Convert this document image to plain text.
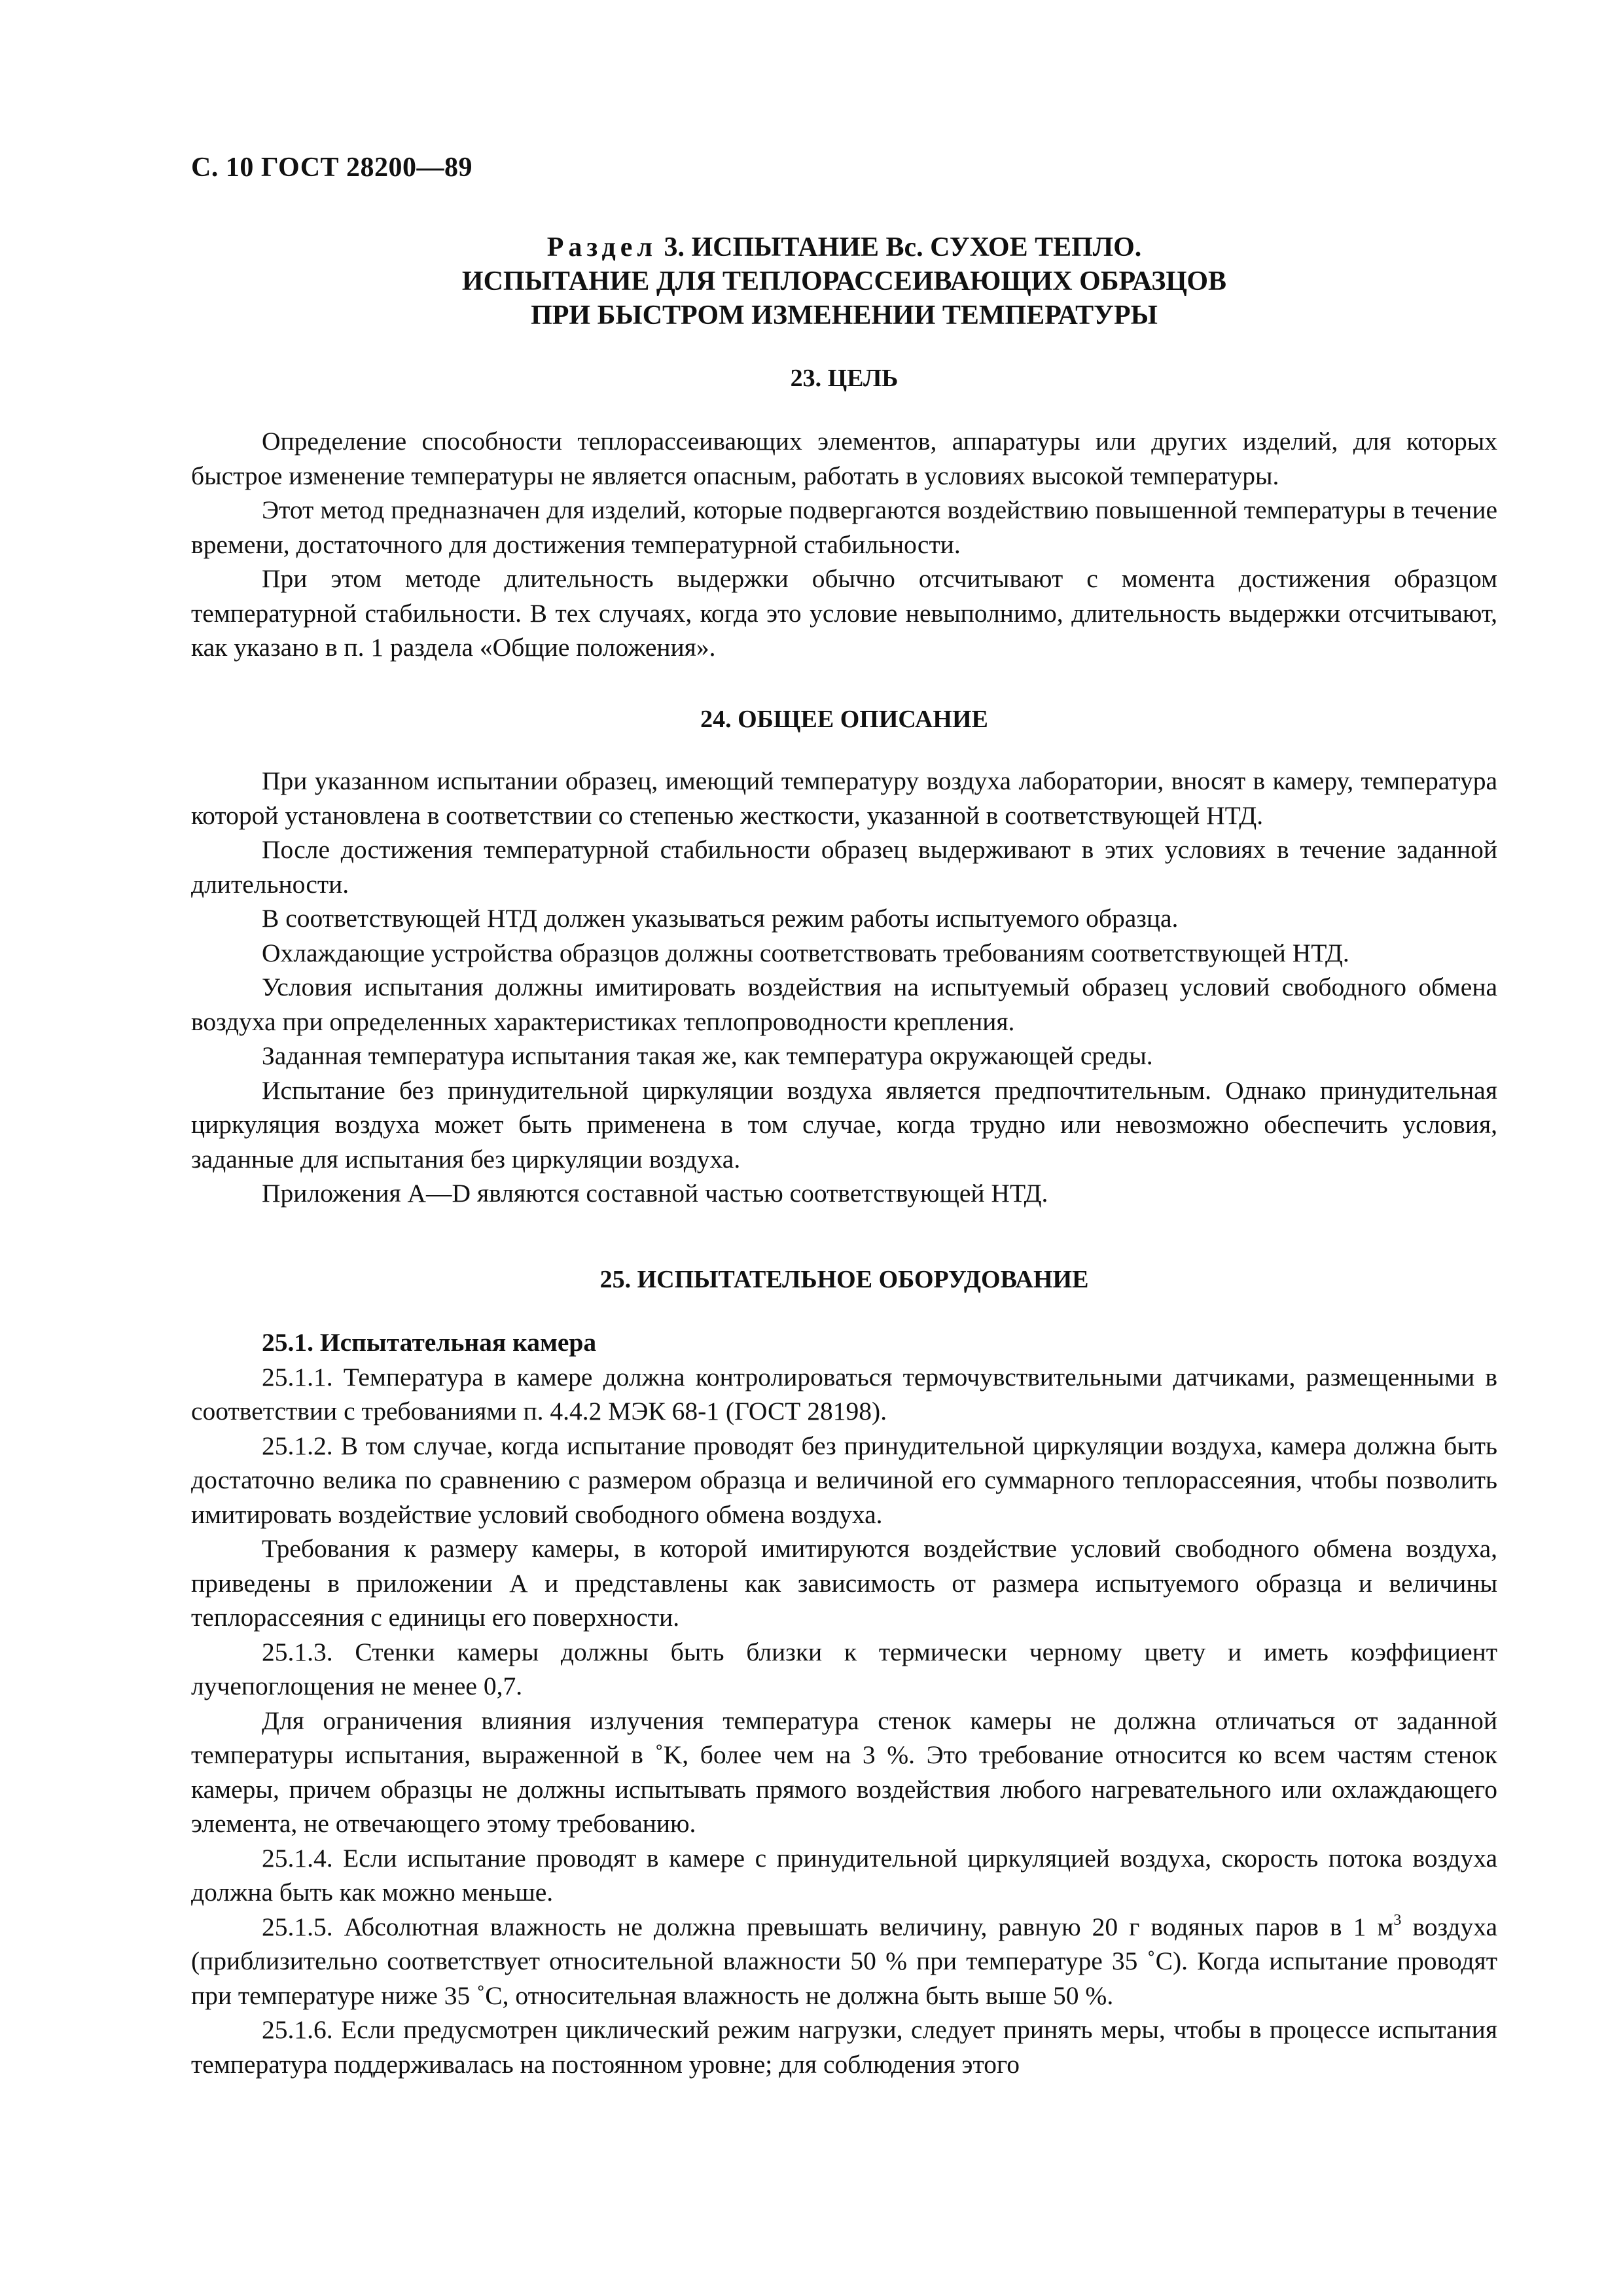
С. 10 ГОСТ 28200—89
Раздел 3. ИСПЫТАНИЕ Вс. СУХОЕ ТЕПЛО.
ИСПЫТАНИЕ ДЛЯ ТЕПЛОРАССЕИВАЮЩИХ ОБРАЗЦОВ
ПРИ БЫСТРОМ ИЗМЕНЕНИИ ТЕМПЕРАТУРЫ
23. ЦЕЛЬ

Определение способности теплорассеивающих элементов, аппаратуры или других изделий, для которых быстрое изменение температуры не является опасным, работать в условиях высокой температуры.

Этот метод предназначен для изделий, которые подвергаются воздействию повышенной температуры в течение времени, достаточного для достижения температурной стабильности.

При этом методе длительность выдержки обычно отсчитывают с момента достижения образцом температурной стабильности. В тех случаях, когда это условие невыполнимо, длительность выдержки отсчитывают, как указано в п. 1 раздела «Общие положения».

24. ОБЩЕЕ ОПИСАНИЕ

При указанном испытании образец, имеющий температуру воздуха лаборатории, вносят в камеру, температура которой установлена в соответствии со степенью жесткости, указанной в соответствующей НТД.

После достижения температурной стабильности образец выдерживают в этих условиях в течение заданной длительности.

В соответствующей НТД должен указываться режим работы испытуемого образца.

Охлаждающие устройства образцов должны соответствовать требованиям соответствующей НТД.

Условия испытания должны имитировать воздействия на испытуемый образец условий свободного обмена воздуха при определенных характеристиках теплопроводности крепления.

Заданная температура испытания такая же, как температура окружающей среды.

Испытание без принудительной циркуляции воздуха является предпочтительным. Однако принудительная циркуляция воздуха может быть применена в том случае, когда трудно или невозможно обеспечить условия, заданные для испытания без циркуляции воздуха.

Приложения А—D являются составной частью соответствующей НТД.

25. ИСПЫТАТЕЛЬНОЕ ОБОРУДОВАНИЕ

25.1. Испытательная камера

25.1.1. Температура в камере должна контролироваться термочувствительными датчиками, размещенными в соответствии с требованиями п. 4.4.2 МЭК 68-1 (ГОСТ 28198).

25.1.2. В том случае, когда испытание проводят без принудительной циркуляции воздуха, камера должна быть достаточно велика по сравнению с размером образца и величиной его суммарного теплорассеяния, чтобы позволить имитировать воздействие условий свободного обмена воздуха.

Требования к размеру камеры, в которой имитируются воздействие условий свободного обмена воздуха, приведены в приложении А и представлены как зависимость от размера испытуемого образца и величины теплорассеяния с единицы его поверхности.

25.1.3. Стенки камеры должны быть близки к термически черному цвету и иметь коэффициент лучепоглощения не менее 0,7.

Для ограничения влияния излучения температура стенок камеры не должна отличаться от заданной температуры испытания, выраженной в ˚K, более чем на 3 %. Это требование относится ко всем частям стенок камеры, причем образцы не должны испытывать прямого воздействия любого нагревательного или охлаждающего элемента, не отвечающего этому требованию.

25.1.4. Если испытание проводят в камере с принудительной циркуляцией воздуха, скорость потока воздуха должна быть как можно меньше.

25.1.5. Абсолютная влажность не должна превышать величину, равную 20 г водяных паров в 1 $м^3$ воздуха (приблизительно соответствует относительной влажности 50 % при температуре 35 ˚С). Когда испытание проводят при температуре ниже 35 ˚С, относительная влажность не должна быть выше 50 %.

25.1.6. Если предусмотрен циклический режим нагрузки, следует принять меры, чтобы в процессе испытания температура поддерживалась на постоянном уровне; для соблюдения этого
